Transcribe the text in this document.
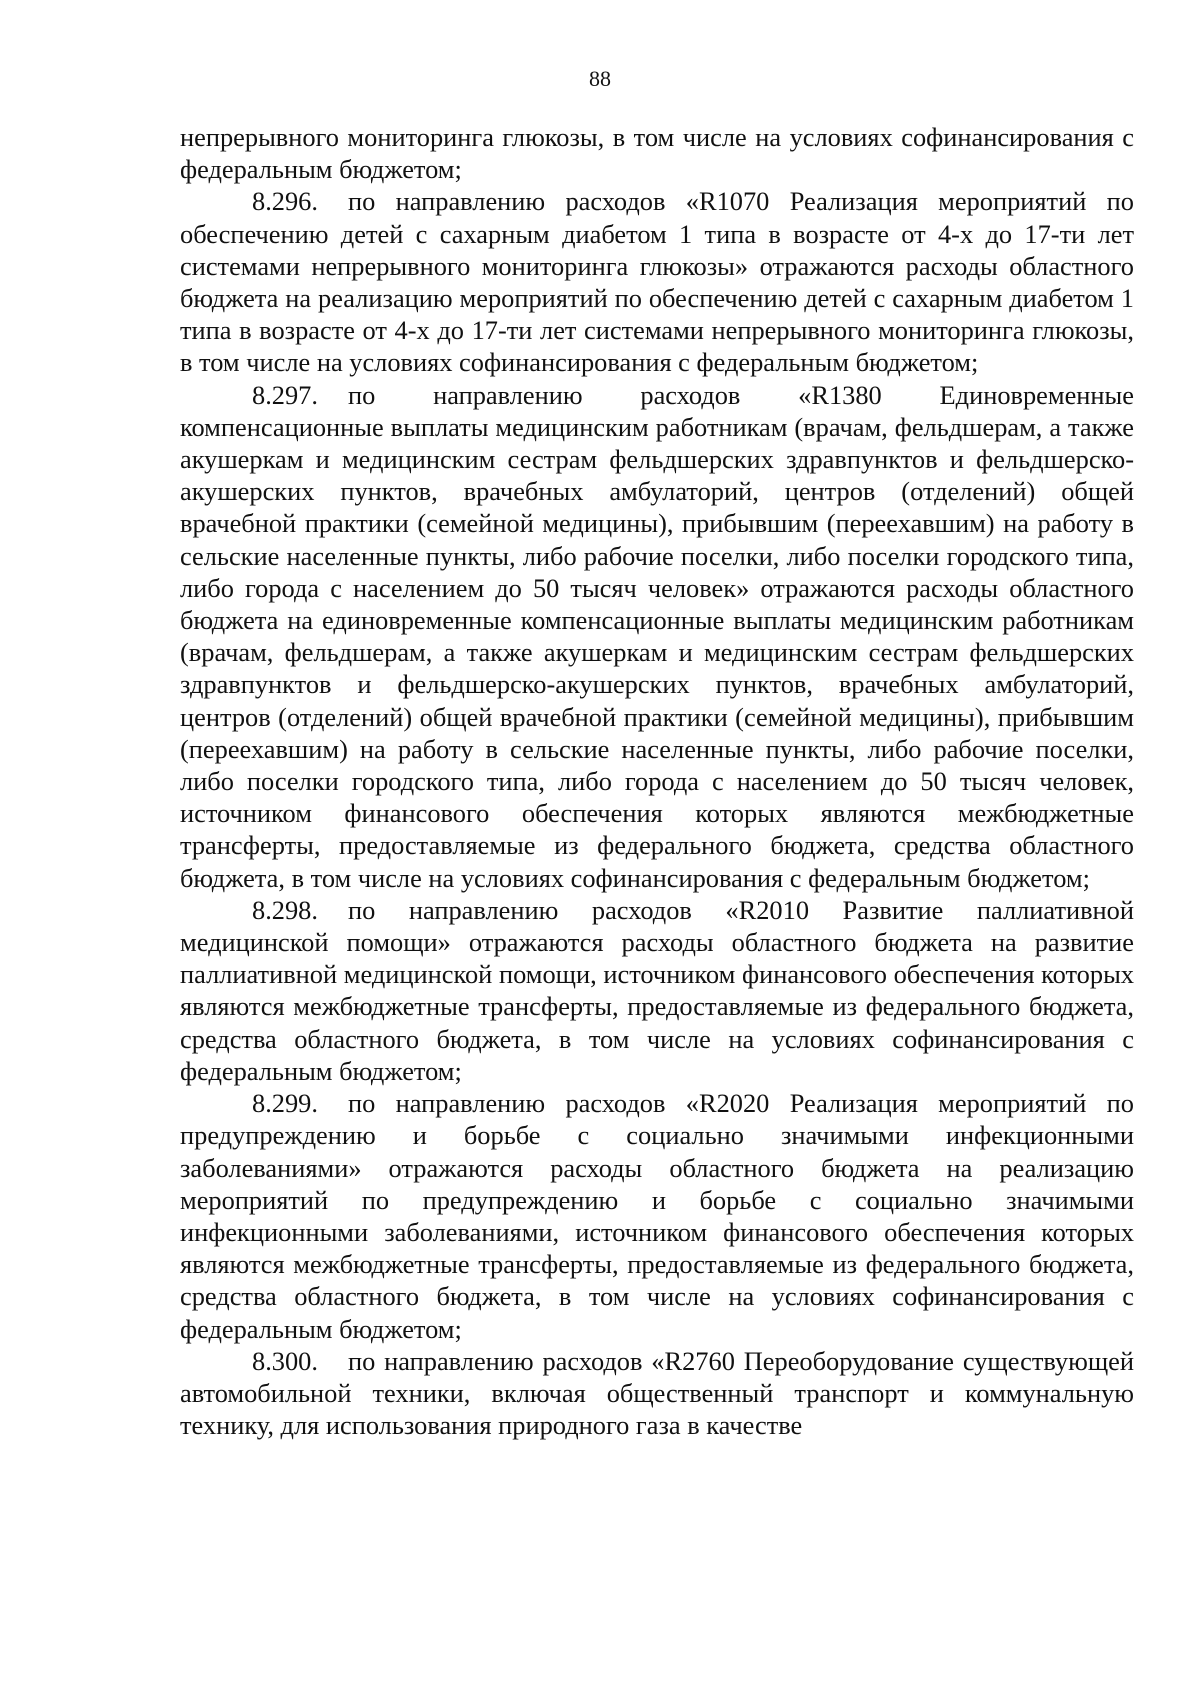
88

непрерывного мониторинга глюкозы, в том числе на условиях софинансирования с федеральным бюджетом;

8.296. по направлению расходов «R1070 Реализация мероприятий по обеспечению детей с сахарным диабетом 1 типа в возрасте от 4-х до 17-ти лет системами непрерывного мониторинга глюкозы» отражаются расходы областного бюджета на реализацию мероприятий по обеспечению детей с сахарным диабетом 1 типа в возрасте от 4-х до 17-ти лет системами непрерывного мониторинга глюкозы, в том числе на условиях софинансирования с федеральным бюджетом;

8.297. по направлению расходов «R1380 Единовременные компенсационные выплаты медицинским работникам (врачам, фельдшерам, а также акушеркам и медицинским сестрам фельдшерских здравпунктов и фельдшерско-акушерских пунктов, врачебных амбулаторий, центров (отделений) общей врачебной практики (семейной медицины), прибывшим (переехавшим) на работу в сельские населенные пункты, либо рабочие поселки, либо поселки городского типа, либо города с населением до 50 тысяч человек» отражаются расходы областного бюджета на единовременные компенсационные выплаты медицинским работникам (врачам, фельдшерам, а также акушеркам и медицинским сестрам фельдшерских здравпунктов и фельдшерско-акушерских пунктов, врачебных амбулаторий, центров (отделений) общей врачебной практики (семейной медицины), прибывшим (переехавшим) на работу в сельские населенные пункты, либо рабочие поселки, либо поселки городского типа, либо города с населением до 50 тысяч человек, источником финансового обеспечения которых являются межбюджетные трансферты, предоставляемые из федерального бюджета, средства областного бюджета, в том числе на условиях софинансирования с федеральным бюджетом;

8.298. по направлению расходов «R2010 Развитие паллиативной медицинской помощи» отражаются расходы областного бюджета на развитие паллиативной медицинской помощи, источником финансового обеспечения которых являются межбюджетные трансферты, предоставляемые из федерального бюджета, средства областного бюджета, в том числе на условиях софинансирования с федеральным бюджетом;

8.299. по направлению расходов «R2020 Реализация мероприятий по предупреждению и борьбе с социально значимыми инфекционными заболеваниями» отражаются расходы областного бюджета на реализацию мероприятий по предупреждению и борьбе с социально значимыми инфекционными заболеваниями, источником финансового обеспечения которых являются межбюджетные трансферты, предоставляемые из федерального бюджета, средства областного бюджета, в том числе на условиях софинансирования с федеральным бюджетом;

8.300. по направлению расходов «R2760 Переоборудование существующей автомобильной техники, включая общественный транспорт и коммунальную технику, для использования природного газа в качестве
